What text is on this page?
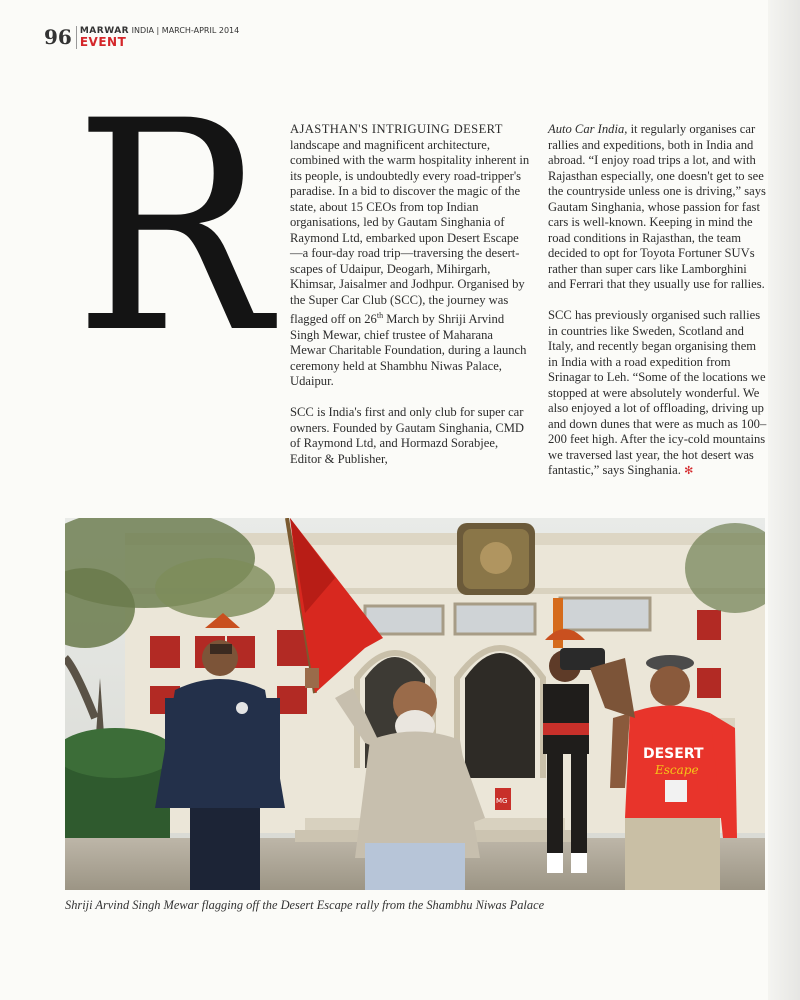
96 MARWAR INDIA | MARCH-APRIL 2014
EVENT
R AJASTHAN'S INTRIGUING DESERT landscape and magnificent architecture, combined with the warm hospitality inherent in its people, is undoubtedly every road-tripper's paradise. In a bid to discover the magic of the state, about 15 CEOs from top Indian organisations, led by Gautam Singhania of Raymond Ltd, embarked upon Desert Escape—a four-day road trip—traversing the desert-scapes of Udaipur, Deogarh, Mihirgarh, Khimsar, Jaisalmer and Jodhpur. Organised by the Super Car Club (SCC), the journey was flagged off on 26th March by Shriji Arvind Singh Mewar, chief trustee of Maharana Mewar Charitable Foundation, during a launch ceremony held at Shambhu Niwas Palace, Udaipur.

SCC is India's first and only club for super car owners. Founded by Gautam Singhania, CMD of Raymond Ltd, and Hormazd Sorabjee, Editor & Publisher,

Auto Car India, it regularly organises car rallies and expeditions, both in India and abroad. “I enjoy road trips a lot, and with Rajasthan especially, one doesn't get to see the countryside unless one is driving,” says Gautam Singhania, whose passion for fast cars is well-known. Keeping in mind the road conditions in Rajasthan, the team decided to opt for Toyota Fortuner SUVs rather than super cars like Lamborghini and Ferrari that they usually use for rallies.

SCC has previously organised such rallies in countries like Sweden, Scotland and Italy, and recently began organising them in India with a road expedition from Srinagar to Leh. “Some of the locations we stopped at were absolutely wonderful. We also enjoyed a lot of offloading, driving up and down dunes that were as much as 100–200 feet high. After the icy-cold mountains we traversed last year, the hot desert was fantastic,” says Singhania. ✻

DESERT
Escape
MG
Shriji Arvind Singh Mewar flagging off the Desert Escape rally from the Shambhu Niwas Palace
